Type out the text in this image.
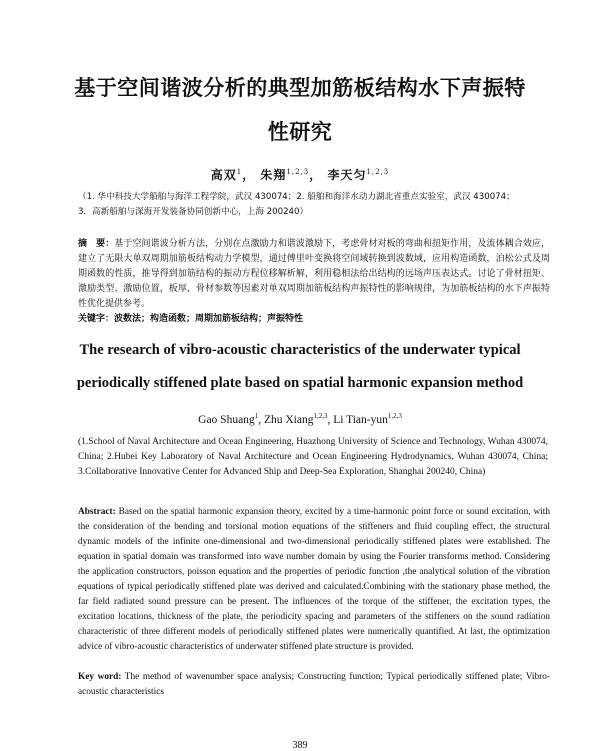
基于空间谐波分析的典型加筋板结构水下声振特
性研究
高双$^1$， 朱翔$^{1,2,3}$， 李天匀$^{1,2,3}$
（1. 华中科技大学船舶与海洋工程学院，武汉 430074；2. 船舶和海洋水动力湖北省重点实验室，武汉 430074；
3．高新船舶与深海开发装备协同创新中心，上海 200240）
摘　要：基于空间谐波分析方法，分别在点激励力和谐波激励下，考虑骨材对板的弯曲和扭矩作用，及流体耦合效应，建立了无限大单双周期加筋板结构动力学模型，通过傅里叶变换将空间域转换到波数域，应用构造函数，泊松公式及周期函数的性质，推导得到加筋结构的振动方程位移解析解，利用稳相法给出结构的远场声压表达式。讨论了骨材扭矩、激励类型、激励位置，板厚，骨材参数等因素对单双周期加筋板结构声振特性的影响规律，为加筋板结构的水下声振特性优化提供参考。
关键字：波数法；构造函数；周期加筋板结构；声振特性
The research of vibro-acoustic characteristics of the underwater typical
periodically stiffened plate based on spatial harmonic expansion method
Gao Shuang$^1$, Zhu Xiang$^{1,2,3}$, Li Tian-yun$^{1,2,3}$
(1.School of Naval Architecture and Ocean Engineering, Huazhong University of Science and Technology, Wuhan 430074, China; 2.Hubei Key Laboratory of Naval Architecture and Ocean Engineering Hydrodynamics, Wuhan 430074, China; 3.Collaborative Innovative Center for Advanced Ship and Deep-Sea Exploration, Shanghai 200240, China)
Abstract: Based on the spatial harmonic expansion theory, excited by a time-harmonic point force or sound excitation, with the consideration of the bending and torsional motion equations of the stiffeners and fluid coupling effect, the structural dynamic models of the infinite one-dimensional and two-dimensional periodically stiffened plates were established. The equation in spatial domain was transformed into wave number domain by using the Fourier transforms method. Considering the application constructors, poisson equation and the properties of periodic function ,the analytical solution of the vibration equations of typical periodically stiffened plate was derived and calculated.Combining with the stationary phase method, the far field radiated sound pressure can be present. The influences of the torque of the stiffener, the excitation types, the excitation locations, thickness of the plate, the periodicity spacing and parameters of the stiffeners on the sound radiation characteristic of three different models of periodically stiffened plates were numerically quantified. At last, the optimization advice of vibro-acoustic characteristics of underwater stiffened plate structure is provided.
Key word: The method of wavenumber space analysis; Constructing function; Typical periodically stiffened plate; Vibro-acoustic characteristics
389
